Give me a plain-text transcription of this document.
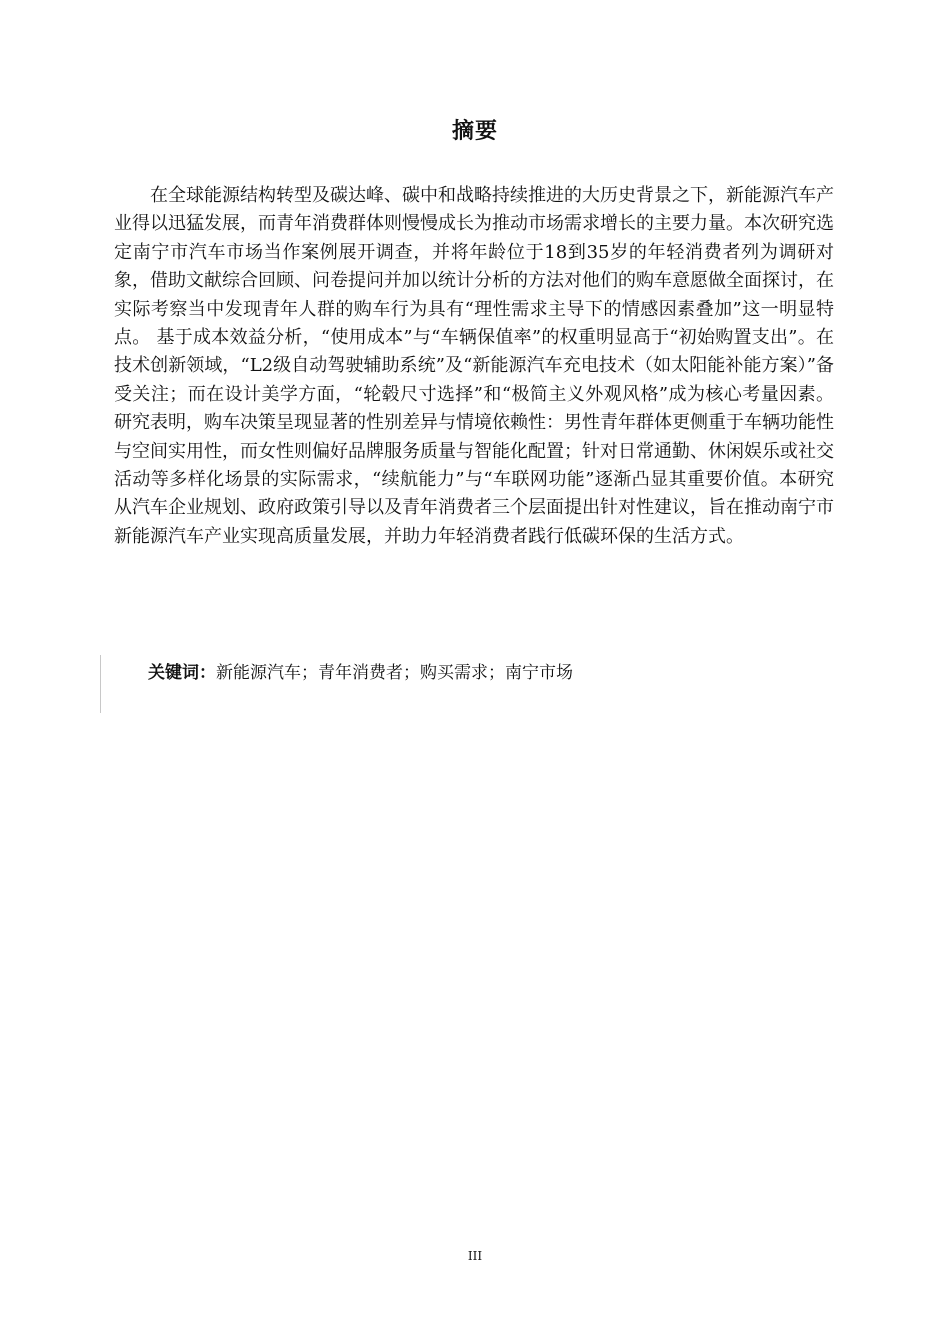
摘要

在全球能源结构转型及碳达峰、碳中和战略持续推进的大历史背景之下，新能源汽车产业得以迅猛发展，而青年消费群体则慢慢成长为推动市场需求增长的主要力量。本次研究选定南宁市汽车市场当作案例展开调查，并将年龄位于18到35岁的年轻消费者列为调研对象，借助文献综合回顾、问卷提问并加以统计分析的方法对他们的购车意愿做全面探讨，在实际考察当中发现青年人群的购车行为具有“理性需求主导下的情感因素叠加”这一明显特点。 基于成本效益分析，“使用成本”与“车辆保值率”的权重明显高于“初始购置支出”。在技术创新领域，“L2级自动驾驶辅助系统”及“新能源汽车充电技术（如太阳能补能方案）”备受关注；而在设计美学方面，“轮毂尺寸选择”和“极简主义外观风格”成为核心考量因素。研究表明，购车决策呈现显著的性别差异与情境依赖性：男性青年群体更侧重于车辆功能性与空间实用性，而女性则偏好品牌服务质量与智能化配置；针对日常通勤、休闲娱乐或社交活动等多样化场景的实际需求，“续航能力”与“车联网功能”逐渐凸显其重要价值。本研究从汽车企业规划、政府政策引导以及青年消费者三个层面提出针对性建议，旨在推动南宁市新能源汽车产业实现高质量发展，并助力年轻消费者践行低碳环保的生活方式。

关键词：新能源汽车；青年消费者；购买需求；南宁市场
III
